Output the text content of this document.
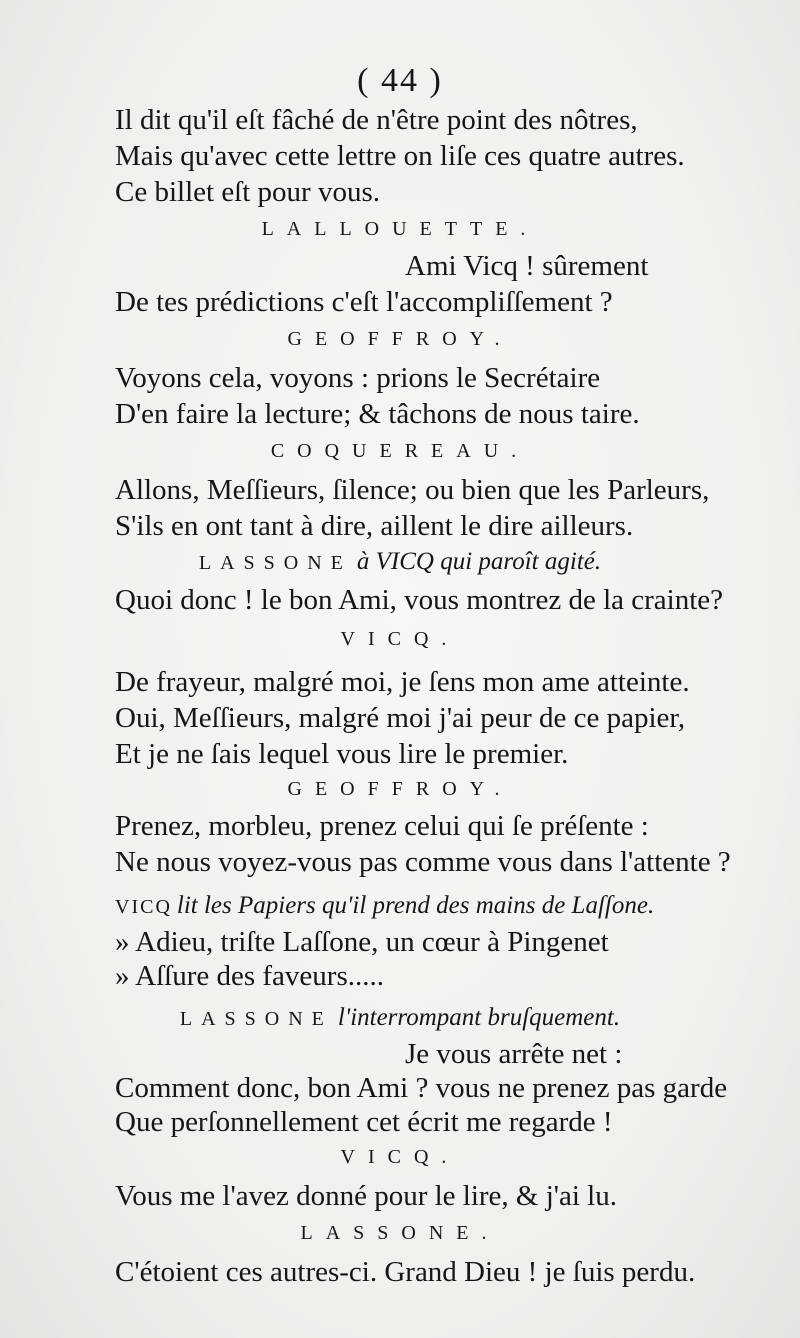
( 44 )
Il dit qu'il eſt fâché de n'être point des nôtres,
Mais qu'avec cette lettre on liſe ces quatre autres.
Ce billet eſt pour vous.
LALLOUETTE.
Ami Vicq ! sûrement
De tes prédictions c'eſt l'accompliſſement ?
GEOFFROY.
Voyons cela, voyons : prions le Secrétaire
D'en faire la lecture; & tâchons de nous taire.
COQUEREAU.
Allons, Meſſieurs, ſilence; ou bien que les Parleurs,
S'ils en ont tant à dire, aillent le dire ailleurs.
LASSONE à VICQ qui paroît agité.
Quoi donc ! le bon Ami, vous montrez de la crainte?
VICQ.
De frayeur, malgré moi, je ſens mon ame atteinte.
Oui, Meſſieurs, malgré moi j'ai peur de ce papier,
Et je ne ſais lequel vous lire le premier.
GEOFFROY.
Prenez, morbleu, prenez celui qui ſe préſente :
Ne nous voyez-vous pas comme vous dans l'attente ?
VICQ lit les Papiers qu'il prend des mains de Laſſone.
» Adieu, triſte Laſſone, un cœur à Pingenet
» Aſſure des faveurs.....
LASSONE l'interrompant bruſquement.
Je vous arrête net :
Comment donc, bon Ami ? vous ne prenez pas garde
Que perſonnellement cet écrit me regarde !
VICQ.
Vous me l'avez donné pour le lire, & j'ai lu.
LASSONE.
C'étoient ces autres-ci. Grand Dieu ! je ſuis perdu.
